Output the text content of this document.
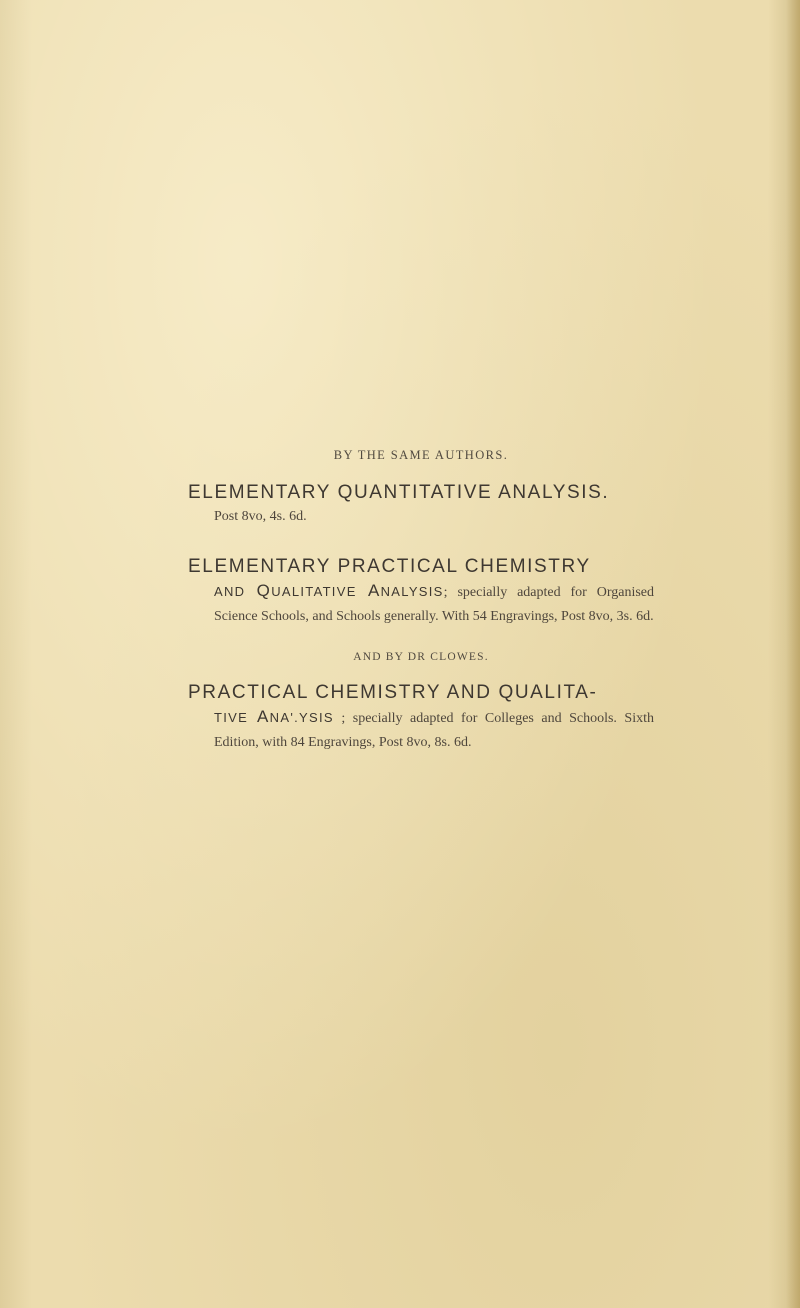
BY THE SAME AUTHORS.
ELEMENTARY QUANTITATIVE ANALYSIS.
Post 8vo, 4s. 6d.
ELEMENTARY PRACTICAL CHEMISTRY
AND QUALITATIVE ANALYSIS; specially adapted for Organised Science Schools, and Schools generally. With 54 Engravings, Post 8vo, 3s. 6d.
AND BY DR CLOWES.
PRACTICAL CHEMISTRY AND QUALITA-
TIVE ANA'.YSIS ; specially adapted for Colleges and Schools. Sixth Edition, with 84 Engravings, Post 8vo, 8s. 6d.
